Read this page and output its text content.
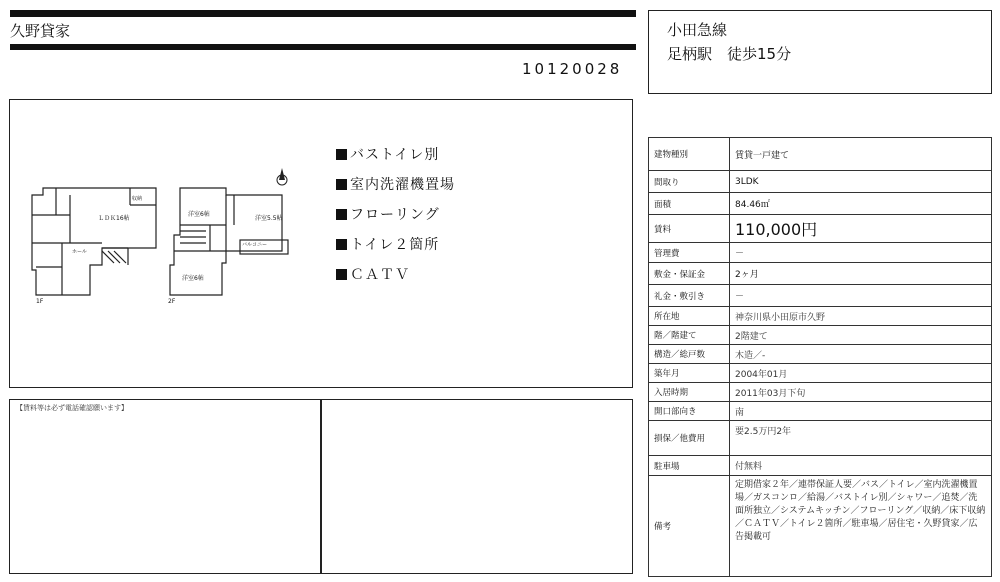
久野貸家
10120028
小田急線
足柄駅　徒歩15分
ＬＤＫ16帖
洋室6帖
洋室5.5帖
洋室6帖
バルコニー
ホール
収納
1F	2F
バストイレ別
室内洗濯機置場
フローリング
トイレ２箇所
ＣＡＴＶ
【賃料等は必ず電話確認願います】
建物種別	賃貸一戸建て
間取り	3LDK
面積	84.46㎡
賃料	110,000円
管理費	－
敷金・保証金	2ヶ月
礼金・敷引き	－
所在地	神奈川県小田原市久野
階／階建て	2階建て
構造／総戸数	木造／-
築年月	2004年01月
入居時期	2011年03月下旬
開口部向き	南
損保／他費用	要2.5万円2年
駐車場	付無料
備考	定期借家２年／連帯保証人要／バス／トイレ／室内洗濯機置場／ガスコンロ／給湯／バストイレ別／シャワー／追焚／洗面所独立／システムキッチン／フローリング／収納／床下収納／ＣＡＴＶ／トイレ２箇所／駐車場／居住宅・久野貸家／広告掲載可
